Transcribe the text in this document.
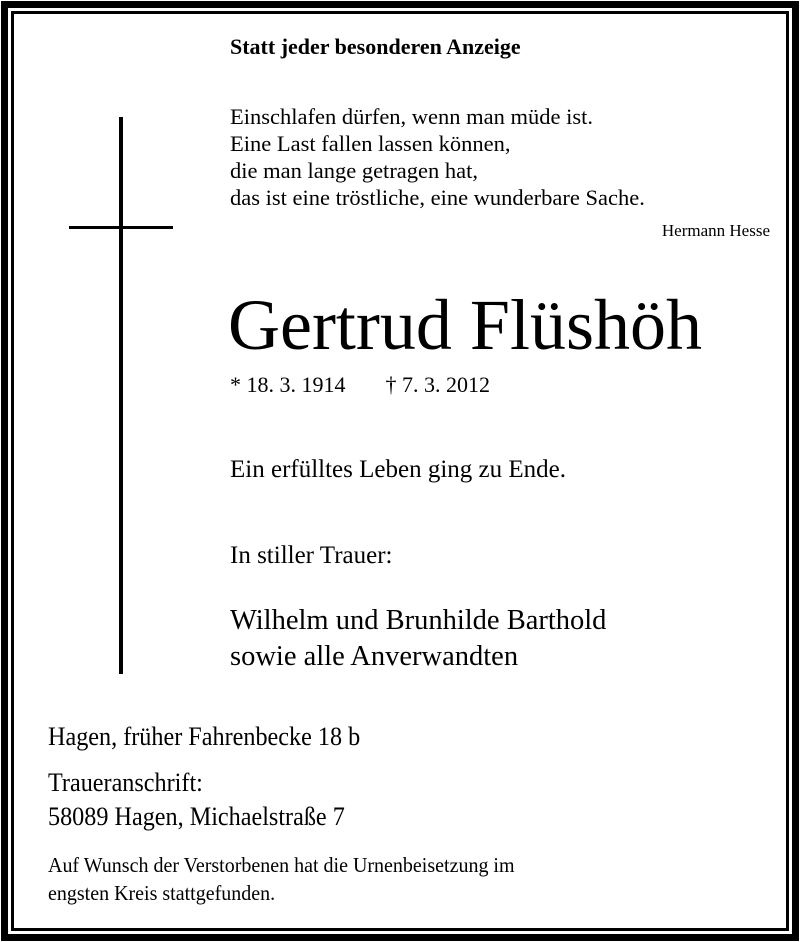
Statt jeder besonderen Anzeige
Einschlafen dürfen, wenn man müde ist.
Eine Last fallen lassen können,
die man lange getragen hat,
das ist eine tröstliche, eine wunderbare Sache.
Hermann Hesse
Gertrud Flüshöh
* 18. 3. 1914 † 7. 3. 2012
Ein erfülltes Leben ging zu Ende.
In stiller Trauer:
Wilhelm und Brunhilde Barthold
sowie alle Anverwandten
Hagen, früher Fahrenbecke 18 b
Traueranschrift:
58089 Hagen, Michaelstraße 7
Auf Wunsch der Verstorbenen hat die Urnenbeisetzung im
engsten Kreis stattgefunden.
